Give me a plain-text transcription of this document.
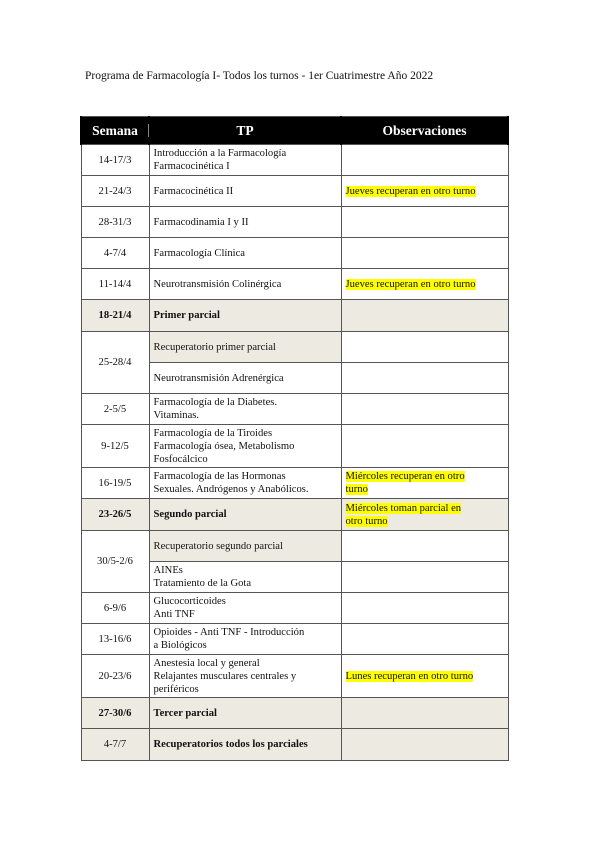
Programa de Farmacología I- Todos los turnos - 1er Cuatrimestre Año 2022
Semana	TP	Observaciones
14-17/3	Introducción a la Farmacología
Farmacocinética I	
21-24/3	Farmacocinética II	Jueves recuperan en otro turno
28-31/3	Farmacodinamia I y II	
4-7/4	Farmacología Clínica	
11-14/4	Neurotransmisión Colinérgica	Jueves recuperan en otro turno
18-21/4	Primer parcial	
25-28/4	Recuperatorio primer parcial	
	Neurotransmisión Adrenérgica	
2-5/5	Farmacología de la Diabetes.
Vitaminas.	
9-12/5	Farmacología de la Tiroides
Farmacología ósea, Metabolismo
Fosfocálcico	
16-19/5	Farmacología de las Hormonas
Sexuales. Andrógenos y Anabólicos.	Miércoles recuperan en otro
turno
23-26/5	Segundo parcial	Miércoles toman parcial en
otro turno
30/5-2/6	Recuperatorio segundo parcial	
	AINEs
Tratamiento de la Gota	
6-9/6	Glucocorticoides
Anti TNF	
13-16/6	Opioides - Anti TNF - Introducción
a Biológicos	
20-23/6	Anestesia local y general
Relajantes musculares centrales y
periféricos	Lunes recuperan en otro turno
27-30/6	Tercer parcial	
4-7/7	Recuperatorios todos los parciales	
